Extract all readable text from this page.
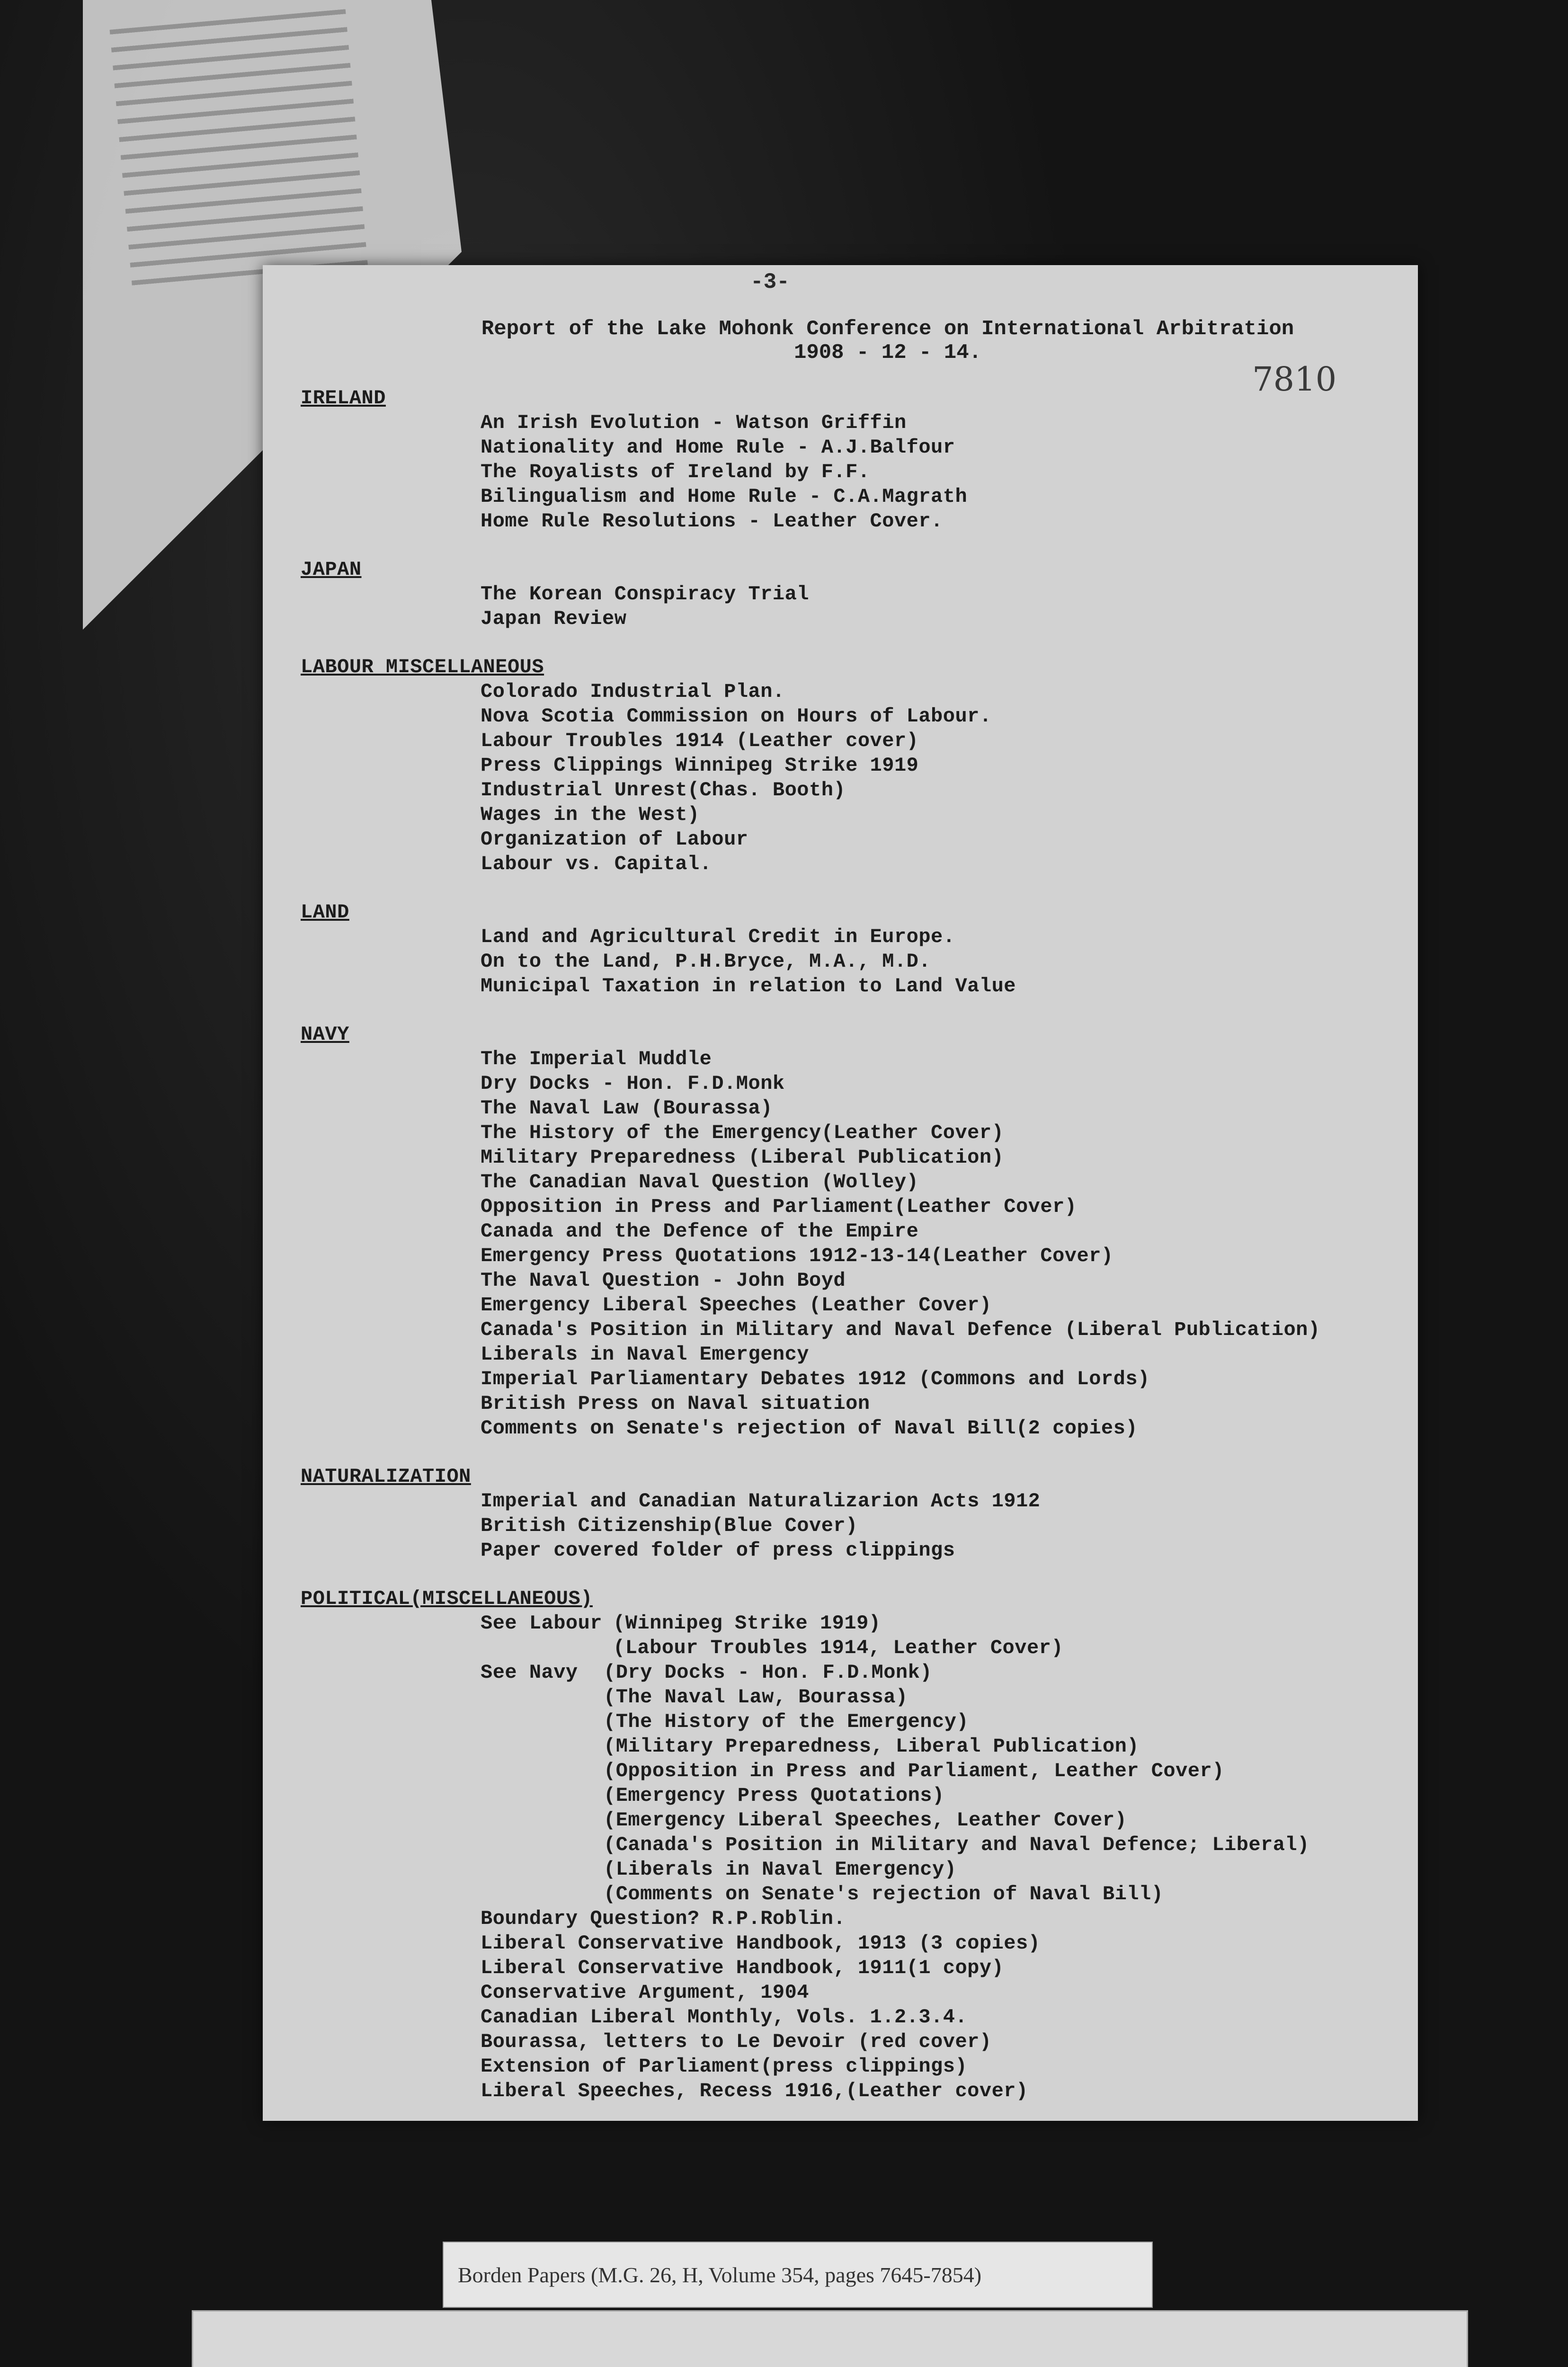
-3-
Report of the Lake Mohonk Conference on International Arbitration
1908 - 12 - 14.
7810
IRELAND
An Irish Evolution - Watson Griffin
Nationality and Home Rule - A.J.Balfour
The Royalists of Ireland by F.F.
Bilingualism and Home Rule - C.A.Magrath
Home Rule Resolutions - Leather Cover.
JAPAN
The Korean Conspiracy Trial
Japan Review
LABOUR MISCELLANEOUS
Colorado Industrial Plan.
Nova Scotia Commission on Hours of Labour.
Labour Troubles 1914 (Leather cover)
Press Clippings Winnipeg Strike 1919
Industrial Unrest(Chas. Booth)
Wages in the West)
Organization of Labour
Labour vs. Capital.
LAND
Land and Agricultural Credit in Europe.
On to the Land, P.H.Bryce, M.A., M.D.
Municipal Taxation in relation to Land Value
NAVY
The Imperial Muddle
Dry Docks - Hon. F.D.Monk
The Naval Law (Bourassa)
The History of the Emergency(Leather Cover)
Military Preparedness (Liberal Publication)
The Canadian Naval Question (Wolley)
Opposition in Press and Parliament(Leather Cover)
Canada and the Defence of the Empire
Emergency Press Quotations 1912-13-14(Leather Cover)
The Naval Question - John Boyd
Emergency Liberal Speeches (Leather Cover)
Canada's Position in Military and Naval Defence (Liberal Publication)
Liberals in Naval Emergency
Imperial Parliamentary Debates 1912 (Commons and Lords)
British Press on Naval situation
Comments on Senate's rejection of Naval Bill(2 copies)
NATURALIZATION
Imperial and Canadian Naturalizarion Acts 1912
British Citizenship(Blue Cover)
Paper covered folder of press clippings
POLITICAL(MISCELLANEOUS)
See Labour (Winnipeg Strike 1919)
(Labour Troubles 1914, Leather Cover)
See Navy	(Dry Docks - Hon. F.D.Monk)
(The Naval Law, Bourassa)
(The History of the Emergency)
(Military Preparedness, Liberal Publication)
(Opposition in Press and Parliament, Leather Cover)
(Emergency Press Quotations)
(Emergency Liberal Speeches, Leather Cover)
(Canada's Position in Military and Naval Defence; Liberal)
(Liberals in Naval Emergency)
(Comments on Senate's rejection of Naval Bill)
Boundary Question? R.P.Roblin.
Liberal Conservative Handbook, 1913 (3 copies)
Liberal Conservative Handbook, 1911(1 copy)
Conservative Argument, 1904
Canadian Liberal Monthly, Vols. 1.2.3.4.
Bourassa, letters to Le Devoir (red cover)
Extension of Parliament(press clippings)
Liberal Speeches, Recess 1916,(Leather cover)
Borden Papers (M.G. 26, H, Volume 354, pages 7645-7854)
